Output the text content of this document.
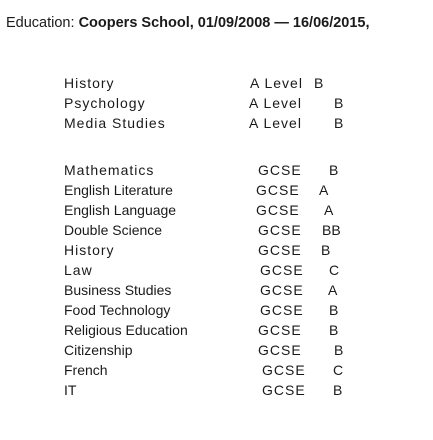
Education: Coopers School, 01/09/2008 — 16/06/2015,
History	A Level B
Psychology	A Level B
Media Studies	A Level B
Mathematics	GCSE B
English Literature	GCSE A
English Language	GCSE A
Double Science	GCSE BB
History	GCSE B
Law	GCSE C
Business Studies	GCSE A
Food Technology	GCSE B
Religious Education	GCSE B
Citizenship	GCSE B
French	GCSE C
IT	GCSE B
